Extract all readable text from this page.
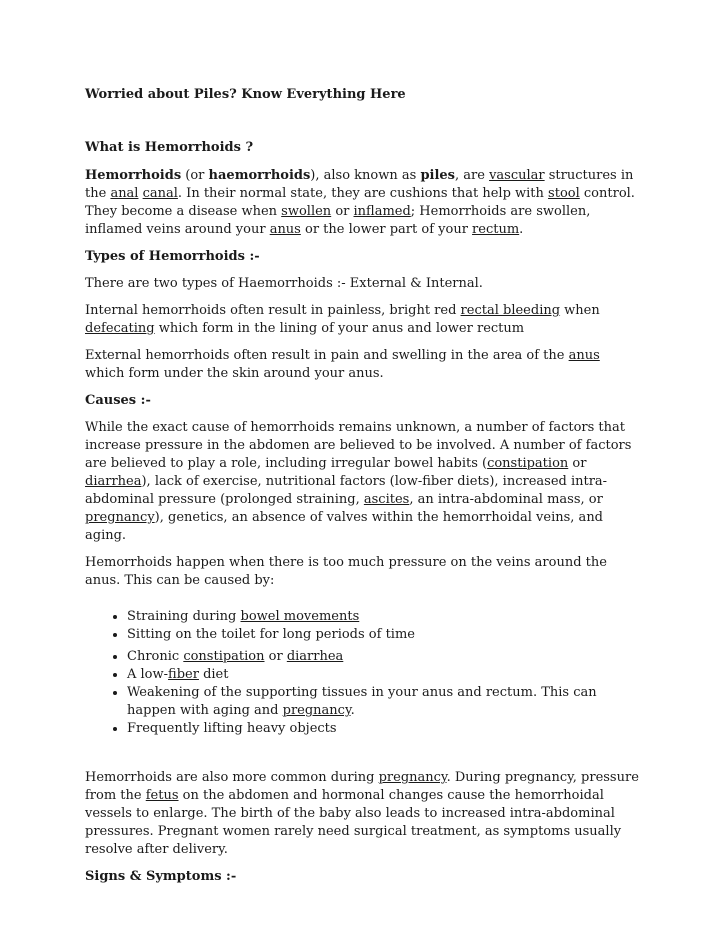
Worried about Piles? Know Everything Here
What is Hemorrhoids ?

Hemorrhoids (or haemorrhoids), also known as piles, are vascular structures in the anal canal. In their normal state, they are cushions that help with stool control. They become a disease when swollen or inflamed; Hemorrhoids are swollen, inflamed veins around your anus or the lower part of your rectum.

Types of Hemorrhoids :-

There are two types of Haemorrhoids :- External & Internal.

Internal hemorrhoids often result in painless, bright red rectal bleeding when defecating which form in the lining of your anus and lower rectum

External hemorrhoids often result in pain and swelling in the area of the anus which form under the skin around your anus.

Causes :-

While the exact cause of hemorrhoids remains unknown, a number of factors that increase pressure in the abdomen are believed to be involved. A number of factors are believed to play a role, including irregular bowel habits (constipation or diarrhea), lack of exercise, nutritional factors (low-fiber diets), increased intra-abdominal pressure (prolonged straining, ascites, an intra-abdominal mass, or pregnancy), genetics, an absence of valves within the hemorrhoidal veins, and aging.

Hemorrhoids happen when there is too much pressure on the veins around the anus. This can be caused by:

• Straining during bowel movements
• Sitting on the toilet for long periods of time
• Chronic constipation or diarrhea
• A low-fiber diet
• Weakening of the supporting tissues in your anus and rectum. This can happen with aging and pregnancy.
• Frequently lifting heavy objects

Hemorrhoids are also more common during pregnancy. During pregnancy, pressure from the fetus on the abdomen and hormonal changes cause the hemorrhoidal vessels to enlarge. The birth of the baby also leads to increased intra-abdominal pressures. Pregnant women rarely need surgical treatment, as symptoms usually resolve after delivery.

Signs & Symptoms :-
